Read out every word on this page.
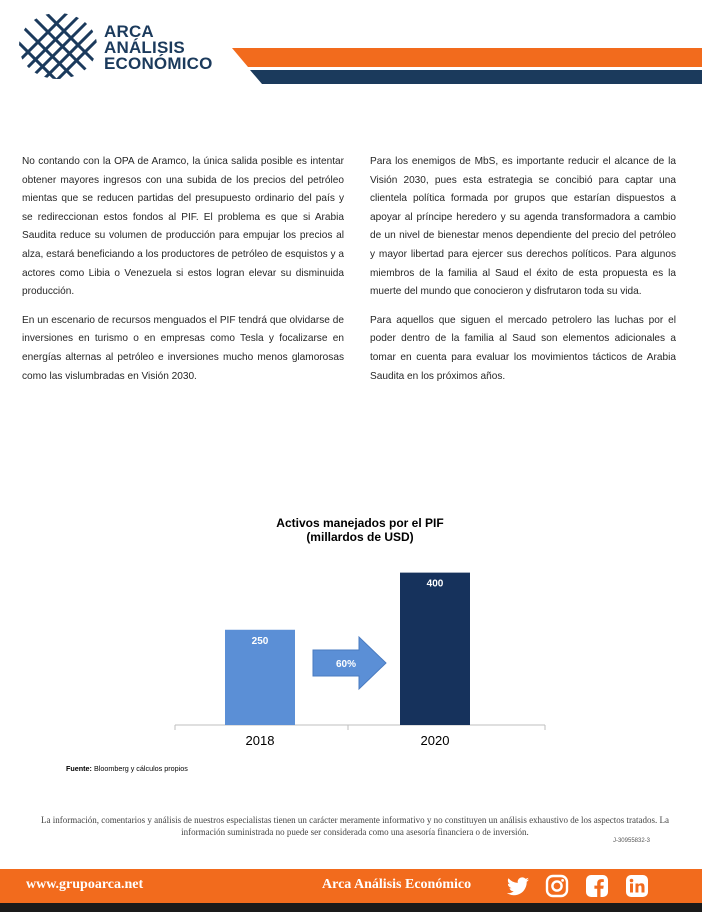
ARCA
ANÁLISIS
ECONÓMICO

No contando con la OPA de Aramco, la única salida posible es intentar obtener mayores ingresos con una subida de los precios del petróleo mientas que se reducen partidas del presupuesto ordinario del país y se redireccionan estos fondos al PIF. El problema es que si Arabia Saudita reduce su volumen de producción para empujar los precios al alza, estará beneficiando a los productores de petróleo de esquistos y a actores como Libia o Venezuela si estos logran elevar su disminuida producción.

En un escenario de recursos menguados el PIF tendrá que olvidarse de inversiones en turismo o en empresas como Tesla y focalizarse en energías alternas al petróleo e inversiones mucho menos glamorosas como las vislumbradas en Visión 2030.

Para los enemigos de MbS, es importante reducir el alcance de la Visión 2030, pues esta estrategia se concibió para captar una clientela política formada por grupos que estarían dispuestos a apoyar al príncipe heredero y su agenda transformadora a cambio de un nivel de bienestar menos dependiente del precio del petróleo y mayor libertad para ejercer sus derechos políticos. Para algunos miembros de la familia al Saud el éxito de esta propuesta es la muerte del mundo que conocieron y disfrutaron toda su vida.

Para aquellos que siguen el mercado petrolero las luchas por el poder dentro de la familia al Saud son elementos adicionales a tomar en cuenta para evaluar los movimientos tácticos de Arabia Saudita en los próximos años.

Activos manejados por el PIF
(millardos de USD)
250
2018
400
2020
60%
Fuente: Bloomberg y cálculos propios
La información, comentarios y análisis de nuestros especialistas tienen un carácter meramente informativo y no constituyen un análisis exhaustivo de los aspectos tratados. La información suministrada no puede ser considerada como una asesoría financiera o de inversión.
J-30955832-3
www.grupoarca.net	Arca Análisis Económico
